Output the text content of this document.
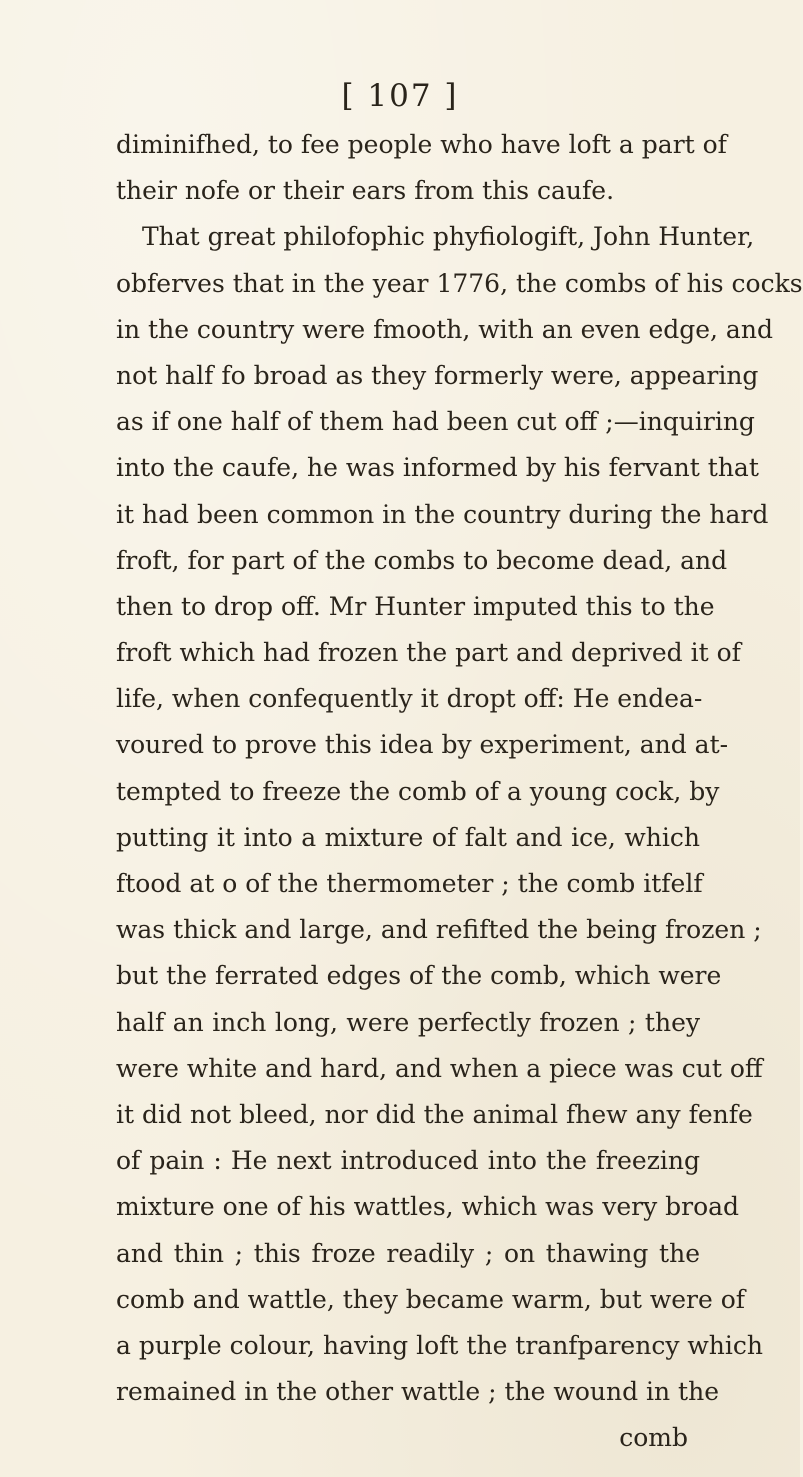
[ 107 ]
diminifhed, to fee people who have loft a part of
their nofe or their ears from this caufe.
That great philofophic phyfiologift, John Hunter,
obferves that in the year 1776, the combs of his cocks
in the country were fmooth, with an even edge, and
not half fo broad as they formerly were, appearing
as if one half of them had been cut off ;—inquiring
into the caufe, he was informed by his fervant that
it had been common in the country during the hard
froft, for part of the combs to become dead, and
then to drop off. Mr Hunter imputed this to the
froft which had frozen the part and deprived it of
life, when confequently it dropt off: He endea-
voured to prove this idea by experiment, and at-
tempted to freeze the comb of a young cock, by
putting it into a mixture of falt and ice, which
ftood at o of the thermometer ; the comb itfelf
was thick and large, and refifted the being frozen ;
but the ferrated edges of the comb, which were
half an inch long, were perfectly frozen ; they
were white and hard, and when a piece was cut off
it did not bleed, nor did the animal fhew any fenfe
of pain : He next introduced into the freezing
mixture one of his wattles, which was very broad
and thin ; this froze readily ; on thawing the
comb and wattle, they became warm, but were of
a purple colour, having loft the tranfparency which
remained in the other wattle ; the wound in the
comb
